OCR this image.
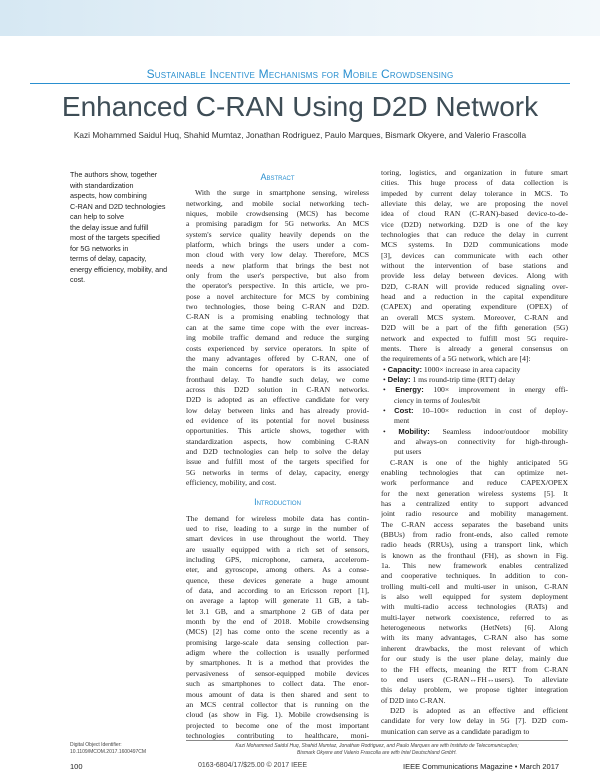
Sustainable Incentive Mechanisms for Mobile Crowdsensing
Enhanced C-RAN Using D2D Network
Kazi Mohammed Saidul Huq, Shahid Mumtaz, Jonathan Rodriguez, Paulo Marques, Bismark Okyere, and Valerio Frascolla
The authors show, together with standardization
aspects, how combining
C-RAN and D2D technologies can help to solve
the delay issue and fulfill
most of the targets specified for 5G networks in
terms of delay, capacity,
energy efficiency, mobility, and cost.
Abstract
With the surge in smartphone sensing, wireless
networking, and mobile social networking tech-
niques, mobile crowdsensing (MCS) has become
a promising paradigm for 5G networks. An MCS
system's service quality heavily depends on the
platform, which brings the users under a com-
mon cloud with very low delay. Therefore, MCS
needs a new platform that brings the best not
only from the user's perspective, but also from
the operator's perspective. In this article, we pro-
pose a novel architecture for MCS by combining
two technologies, those being C-RAN and D2D.
C-RAN is a promising enabling technology that
can at the same time cope with the ever increas-
ing mobile traffic demand and reduce the surging
costs experienced by service operators. In spite of
the many advantages offered by C-RAN, one of
the main concerns for operators is its associated
fronthaul delay. To handle such delay, we come
across this D2D solution in C-RAN networks.
D2D is adopted as an effective candidate for very
low delay between links and has already provid-
ed evidence of its potential for novel business
opportunities. This article shows, together with
standardization aspects, how combining C-RAN
and D2D technologies can help to solve the delay
issue and fulfill most of the targets specified for
5G networks in terms of delay, capacity, energy
efficiency, mobility, and cost.
Introduction
The demand for wireless mobile data has contin-
ued to rise, leading to a surge in the number of
smart devices in use throughout the world. They
are usually equipped with a rich set of sensors,
including GPS, microphone, camera, accelerom-
eter, and gyroscope, among others. As a conse-
quence, these devices generate a huge amount
of data, and according to an Ericsson report [1],
on average a laptop will generate 11 GB, a tab-
let 3.1 GB, and a smartphone 2 GB of data per
month by the end of 2018. Mobile crowdsensing
(MCS) [2] has come onto the scene recently as a
promising large-scale data sensing collection par-
adigm where the collection is usually performed
by smartphones. It is a method that provides the
pervasiveness of sensor-equipped mobile devices
such as smartphones to collect data. The enor-
mous amount of data is then shared and sent to
an MCS central collector that is running on the
cloud (as show in Fig. 1). Mobile crowdsensing is
projected to become one of the most important
technologies contributing to healthcare, moni-
toring, logistics, and organization in future smart
cities. This huge process of data collection is
impeded by current delay tolerance in MCS. To
alleviate this delay, we are proposing the novel
idea of cloud RAN (C-RAN)-based device-to-de-
vice (D2D) networking. D2D is one of the key
technologies that can reduce the delay in current
MCS systems. In D2D communications mode
[3], devices can communicate with each other
without the intervention of base stations and
provide less delay between devices. Along with
D2D, C-RAN will provide reduced signaling over-
head and a reduction in the capital expenditure
(CAPEX) and operating expenditure (OPEX) of
an overall MCS system. Moreover, C-RAN and
D2D will be a part of the fifth generation (5G)
network and expected to fulfill most 5G require-
ments. There is already a general consensus on
the requirements of a 5G network, which are [4]:
• Capacity: 1000× increase in area capacity
• Delay: 1 ms round-trip time (RTT) delay
• Energy: 100× improvement in energy effi-
ciency in terms of Joules/bit
• Cost: 10–100× reduction in cost of deploy-
ment
• Mobility: Seamless indoor/outdoor mobility
and always-on connectivity for high-through-
put users
C-RAN is one of the highly anticipated 5G
enabling technologies that can optimize net-
work performance and reduce CAPEX/OPEX
for the next generation wireless systems [5]. It
has a centralized entity to support advanced
joint radio resource and mobility management.
The C-RAN access separates the baseband units
(BBUs) from radio front-ends, also called remote
radio heads (RRUs), using a transport link, which
is known as the fronthaul (FH), as shown in Fig.
1a. This new framework enables centralized
and cooperative techniques. In addition to con-
trolling multi-cell and multi-user in unison, C-RAN
is also well equipped for system deployment
with multi-radio access technologies (RATs) and
multi-layer network coexistence, referred to as
heterogeneous networks (HetNets) [6]. Along
with its many advantages, C-RAN also has some
inherent drawbacks, the most relevant of which
for our study is the user plane delay, mainly due
to the FH effects, meaning the RTT from C-RAN
to end users (C-RAN↔FH↔users). To alleviate
this delay problem, we propose tighter integration
of D2D into C-RAN.
D2D is adopted as an effective and efficient
candidate for very low delay in 5G [7]. D2D com-
munication can serve as a candidate paradigm to
Digital Object Identifier:
10.1109/MCOM.2017.1600497CM
Kazi Mohammed Saidul Huq, Shahid Mumtaz, Jonathan Rodriguez, and Paulo Marques are with Instituto de Telecomunicações;
Bismark Okyere and Valerio Frascolla are with Intel Deutschland GmbH.
100	0163-6804/17/$25.00 © 2017 IEEE	IEEE Communications Magazine • March 2017
